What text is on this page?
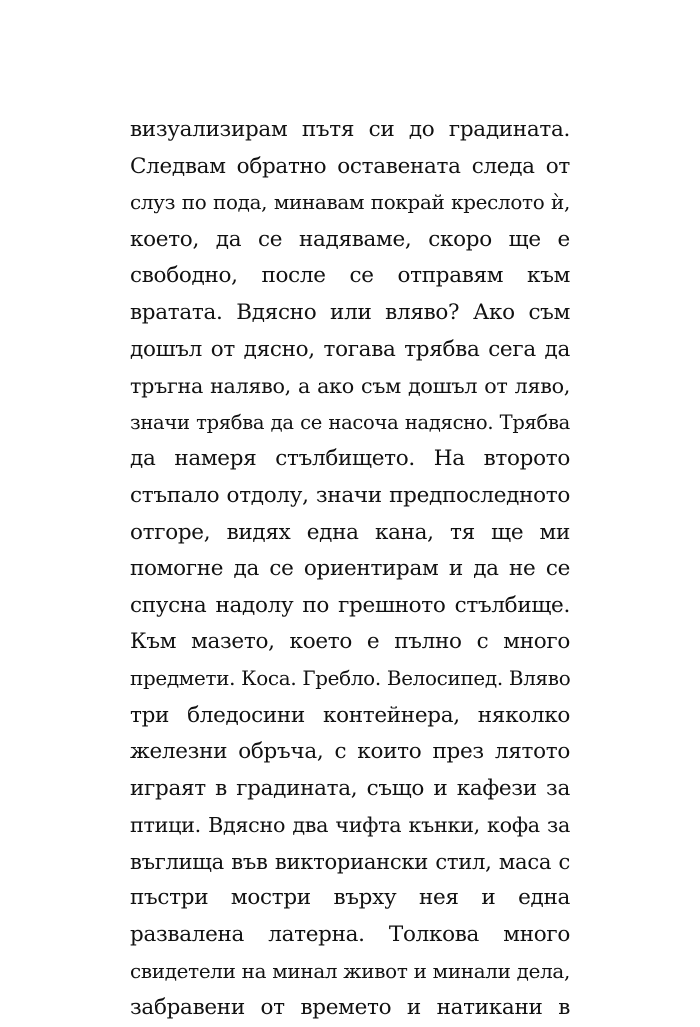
визуализирам пътя си до градината.
Следвам обратно оставената следа от
слуз по пода, минавам покрай креслото ѝ,
което, да се надяваме, скоро ще е
свободно, после се отправям към
вратата. Вдясно или вляво? Ако съм
дошъл от дясно, тогава трябва сега да
тръгна наляво, а ако съм дошъл от ляво,
значи трябва да се насоча надясно. Трябва
да намеря стълбището. На второто
стъпало отдолу, значи предпоследното
отгоре, видях една кана, тя ще ми
помогне да се ориентирам и да не се
спусна надолу по грешното стълбище.
Към мазето, което е пълно с много
предмети. Коса. Гребло. Велосипед. Вляво
три бледосини контейнера, няколко
железни обръча, с които през лятото
играят в градината, също и кафези за
птици. Вдясно два чифта кънки, кофа за
въглища във викториански стил, маса с
пъстри мостри върху нея и една
развалена латерна. Толкова много
свидетели на минал живот и минали дела,
забравени от времето и натикани в
